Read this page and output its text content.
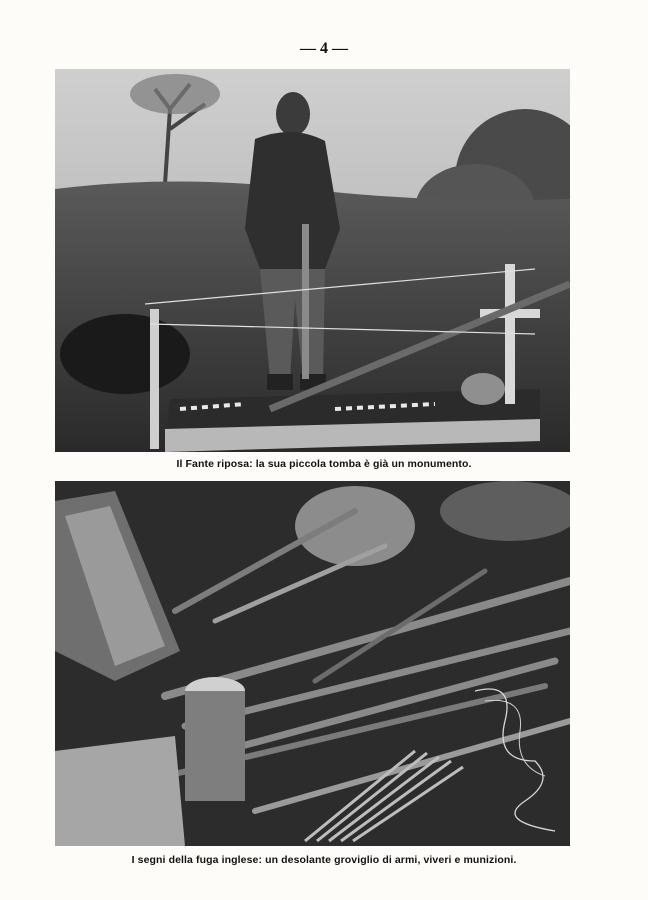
— 4 —
Il Fante riposa: la sua piccola tomba è già un monumento.
I segni della fuga inglese: un desolante groviglio di armi, viveri e munizioni.
